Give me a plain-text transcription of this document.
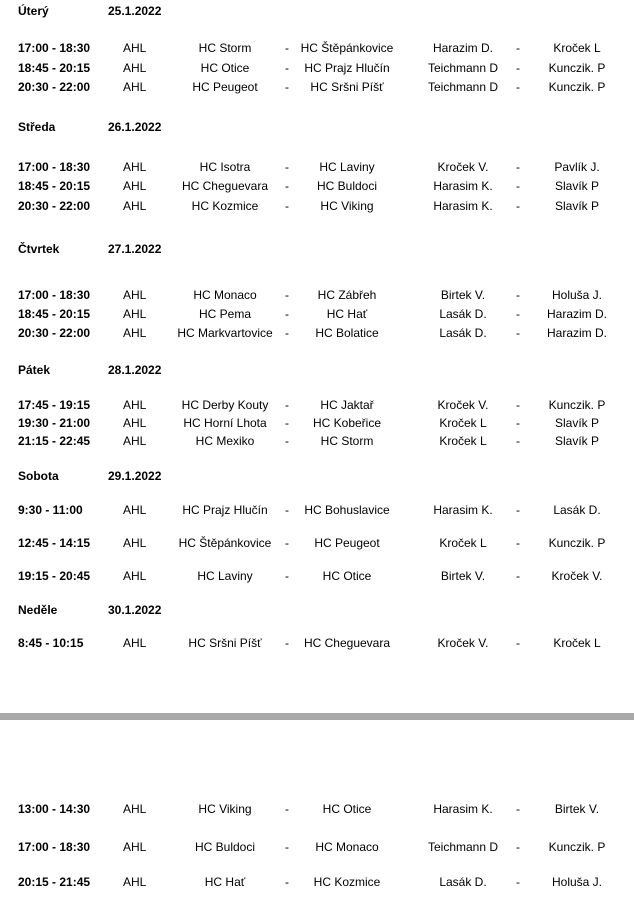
Úterý	25.1.2022
17:00 - 18:30	AHL	HC Storm	- HC Štěpánkovice	Harazim D. -	Kroček L
18:45 - 20:15	AHL	HC Otice	- HC Prajz Hlučín	Teichmann D - Kunczik. P
20:30 - 22:00	AHL	HC Peugeot - HC Sršni Píšť	Teichmann D - Kunczik. P
Středa	26.1.2022
17:00 - 18:30	AHL	HC Isotra	-	HC Laviny	Kroček V. -	Pavlík J.
18:45 - 20:15	AHL	HC Cheguevara - HC Buldoci	Harasim K. -	Slavík P
20:30 - 22:00	AHL	HC Kozmice -	HC Viking	Harasim K. -	Slavík P
Čtvrtek	27.1.2022
17:00 - 18:30	AHL	HC Monaco - HC Zábřeh	Birtek V.	-	Holuša J.
18:45 - 20:15	AHL	HC Pema	-	HC Hať	Lasák D. - Harazim D.
20:30 - 22:00	AHL	HC Markvartovice - HC Bolatice	Lasák D. - Harazim D.
Pátek	28.1.2022
17:45 - 19:15	AHL	HC Derby Kouty -	HC Jaktař	Kroček V. - Kunczik. P
19:30 - 21:00	AHL	HC Horní Lhota - HC Kobeřice	Kroček L -	Slavík P
21:15 - 22:45	AHL	HC Mexiko	-	HC Storm	Kroček L -	Slavík P
Sobota	29.1.2022
9:30 - 11:00	AHL	HC Prajz Hlučín - HC Bohuslavice	Harasim K. -	Lasák D.
12:45 - 14:15	AHL	HC Štěpánkovice - HC Peugeot	Kroček L - Kunczik. P
19:15 - 20:45	AHL	HC Laviny	-	HC Otice	Birtek V.	-	Kroček V.
Neděle	30.1.2022
8:45 - 10:15	AHL	HC Sršni Píšť - HC Cheguevara	Kroček V. -	Kroček L
13:00 - 14:30	AHL	HC Viking	-	HC Otice	Harasim K. -	Birtek V.
17:00 - 18:30	AHL	HC Buldoci - HC Monaco	Teichmann D - Kunczik. P
20:15 - 21:45	AHL	HC Hať	- HC Kozmice	Lasák D. -	Holuša J.
